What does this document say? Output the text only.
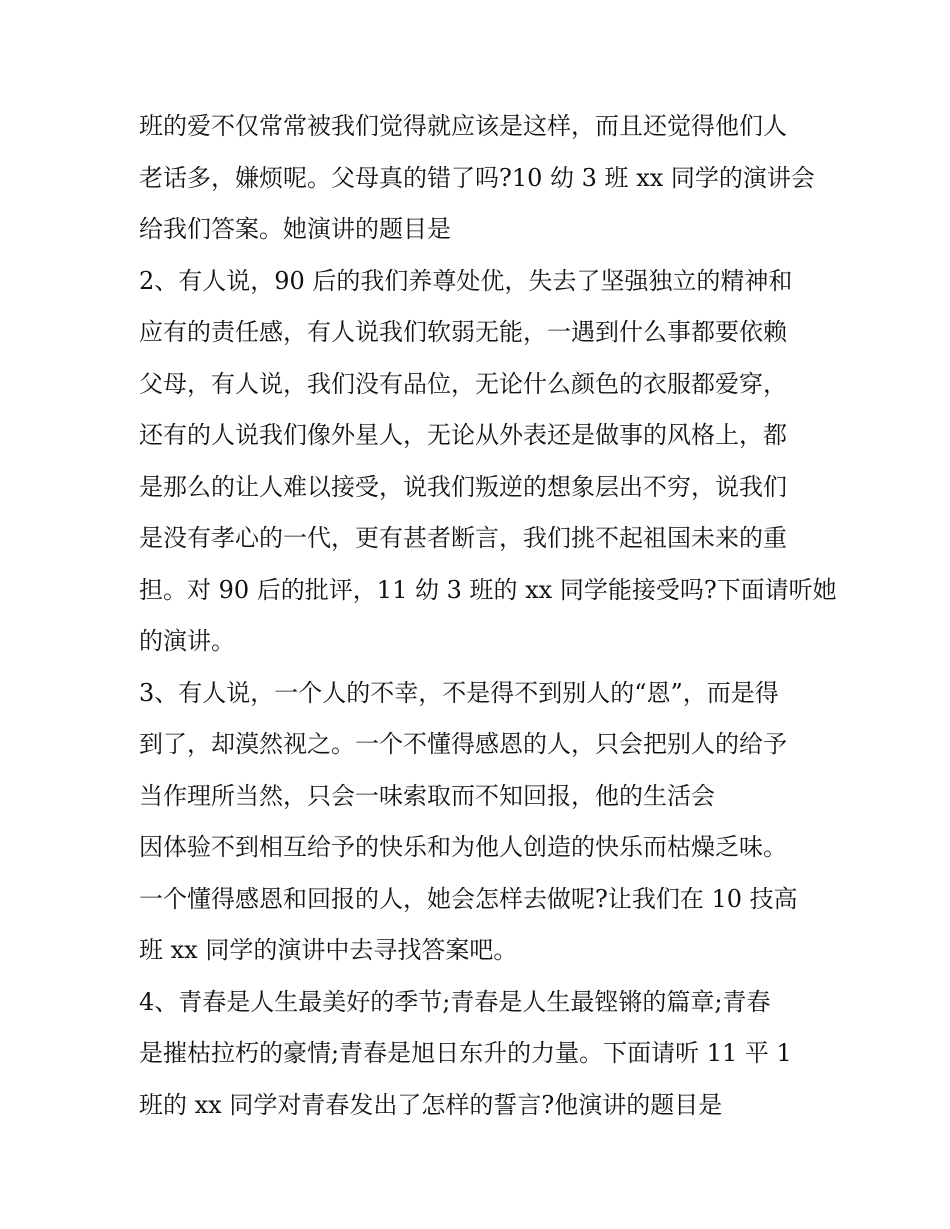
班的爱不仅常常被我们觉得就应该是这样，而且还觉得他们人
老话多，嫌烦呢。父母真的错了吗?10 幼 3 班 xx 同学的演讲会
给我们答案。她演讲的题目是
2、有人说，90 后的我们养尊处优，失去了坚强独立的精神和
应有的责任感，有人说我们软弱无能，一遇到什么事都要依赖
父母，有人说，我们没有品位，无论什么颜色的衣服都爱穿，
还有的人说我们像外星人，无论从外表还是做事的风格上，都
是那么的让人难以接受，说我们叛逆的想象层出不穷，说我们
是没有孝心的一代，更有甚者断言，我们挑不起祖国未来的重
担。对 90 后的批评，11 幼 3 班的 xx 同学能接受吗?下面请听她
的演讲。
3、有人说，一个人的不幸，不是得不到别人的“恩”，而是得
到了，却漠然视之。一个不懂得感恩的人，只会把别人的给予
当作理所当然，只会一味索取而不知回报，他的生活会
因体验不到相互给予的快乐和为他人创造的快乐而枯燥乏味。
一个懂得感恩和回报的人，她会怎样去做呢?让我们在 10 技高
班 xx 同学的演讲中去寻找答案吧。
4、青春是人生最美好的季节;青春是人生最铿锵的篇章;青春
是摧枯拉朽的豪情;青春是旭日东升的力量。下面请听 11 平 1
班的 xx 同学对青春发出了怎样的誓言?他演讲的题目是
